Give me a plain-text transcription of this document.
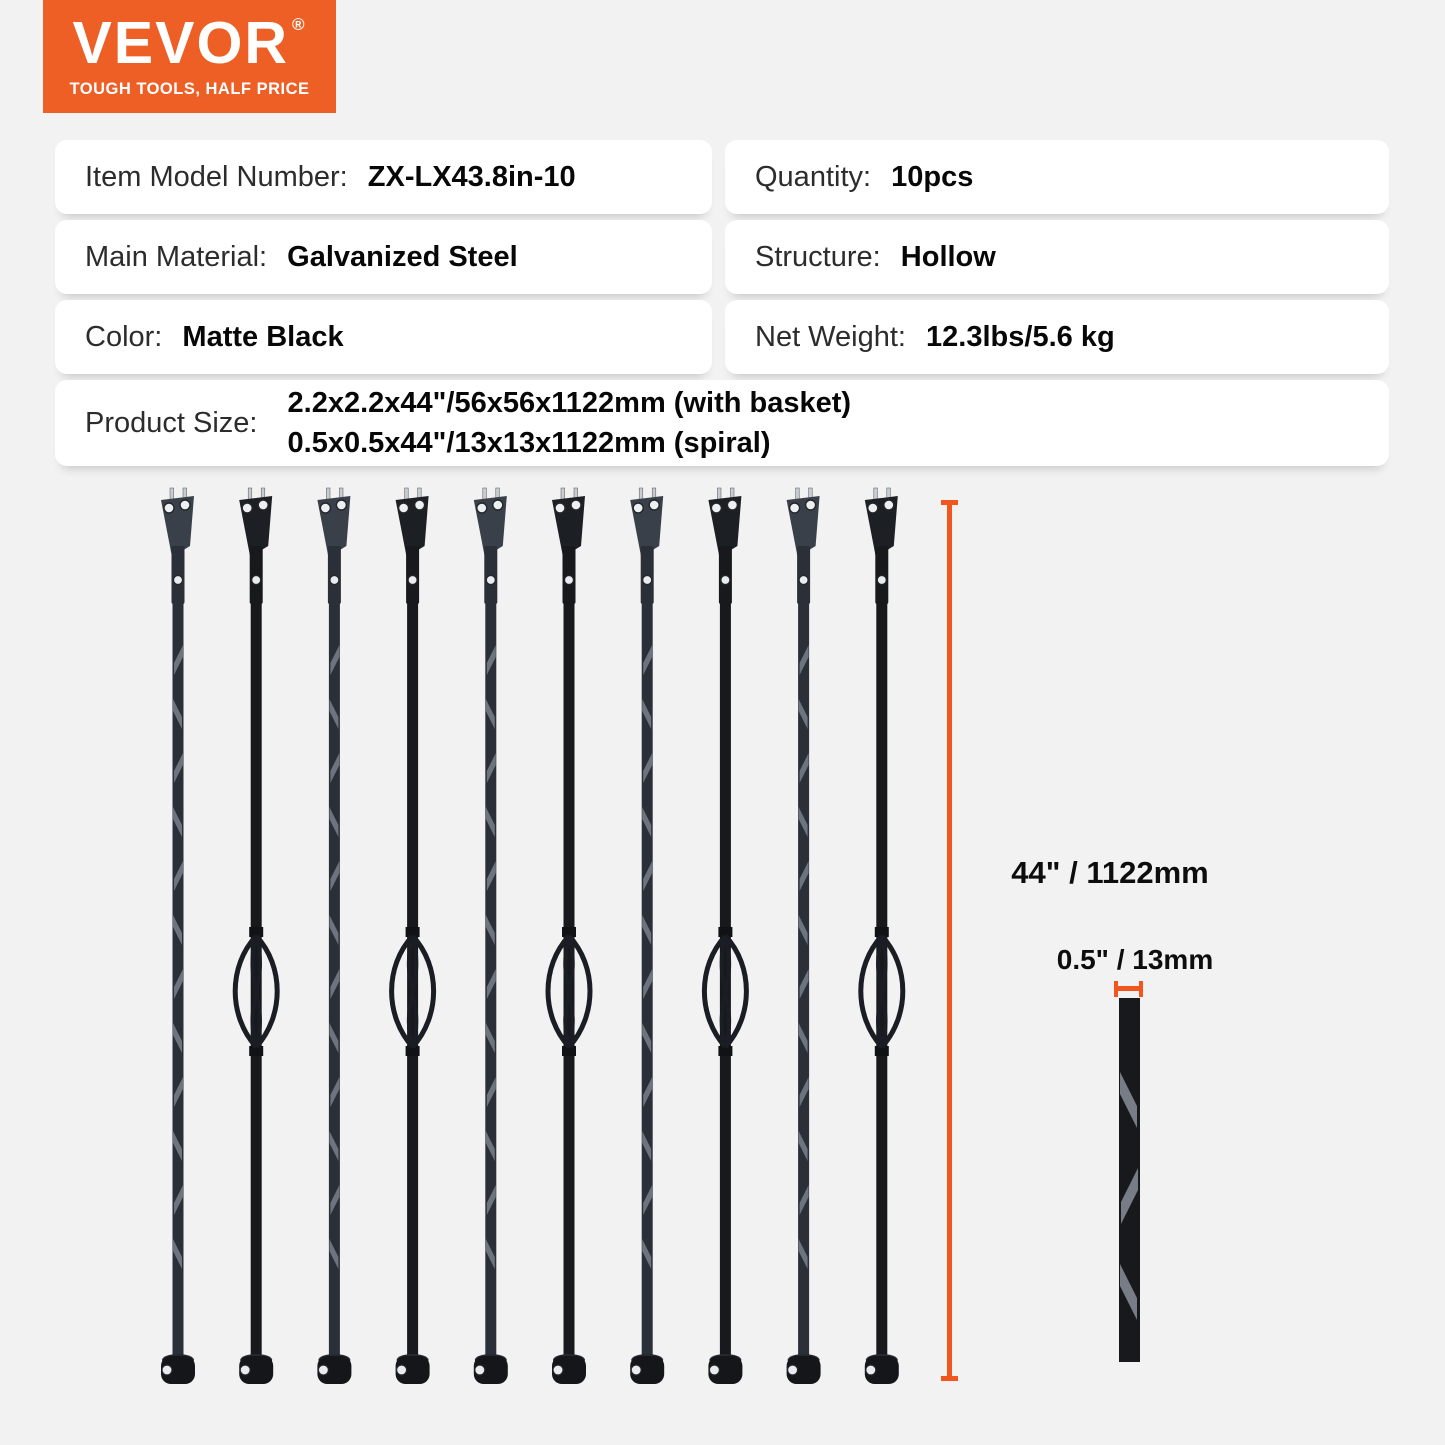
VEVOR ®
TOUGH TOOLS, HALF PRICE
Item Model Number: ZX-LX43.8in-10	Quantity: 10pcs
Main Material: Galvanized Steel	Structure: Hollow
Color: Matte Black	Net Weight: 12.3lbs/5.6 kg
Product Size:
2.2x2.2x44"/56x56x1122mm (with basket)
0.5x0.5x44"/13x13x1122mm (spiral)
44" / 1122mm
0.5" / 13mm
